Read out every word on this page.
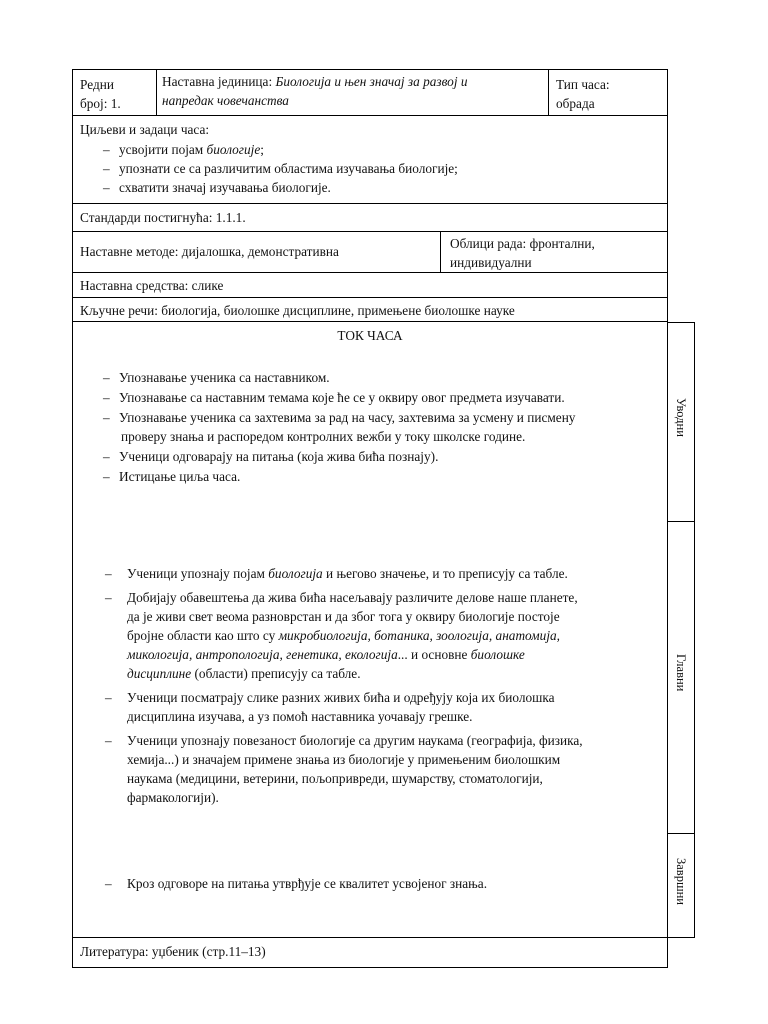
Редни
број: 1.
Наставна јединица: Биологија и њен значај за развој и
напредак човечанства
Тип часа:
обрада
Циљеви и задаци часа:
– усвојити појам биологије;
– упознати се са различитим областима изучавања биологије;
– схватити значај изучавања биологије.
Стандарди постигнућа: 1.1.1.
Наставне методе: дијалошка, демонстративна
Облици рада: фронтални,
индивидуални
Наставна средства: слике
Кључне речи: биологија, биолошке дисциплине, примењене биолошке науке
ТОК ЧАСА
– Упознавање ученика са наставником.
– Упознавање са наставним темама које ће се у оквиру овог предмета изучавати.
– Упознавање ученика са захтевима за рад на часу, захтевима за усмену и писмену
проверу знања и распоредом контролних вежби у току школске године.
– Ученици одговарају на питања (која жива бића познају).
– Истицање циља часа.
– Ученици упознају појам биологија и његово значење, и то преписују са табле.
– Добијају обавештења да жива бића насељавају различите делове наше планете,
да је живи свет веома разноврстан и да због тога у оквиру биологије постоје
бројне области као што су микробиологија, ботаника, зоологија, анатомија,
микологија, антропологија, генетика, екологија... и основне биолошке
дисциплине (области) преписују са табле.
– Ученици посматрају слике разних живих бића и одређују која их биолошка
дисциплина изучава, а уз помоћ наставника уочавају грешке.
– Ученици упознају повезаност биологије са другим наукама (географија, физика,
хемија...) и значајем примене знања из биологије у примењеним биолошким
наукама (медицини, ветерини, пољопривреди, шумарству, стоматологији,
фармакологији).
– Кроз одговоре на питања утврђује се квалитет усвојеног знања.
Уводни
Главни
Завршни
Литература: уџбеник (стр.11–13)
